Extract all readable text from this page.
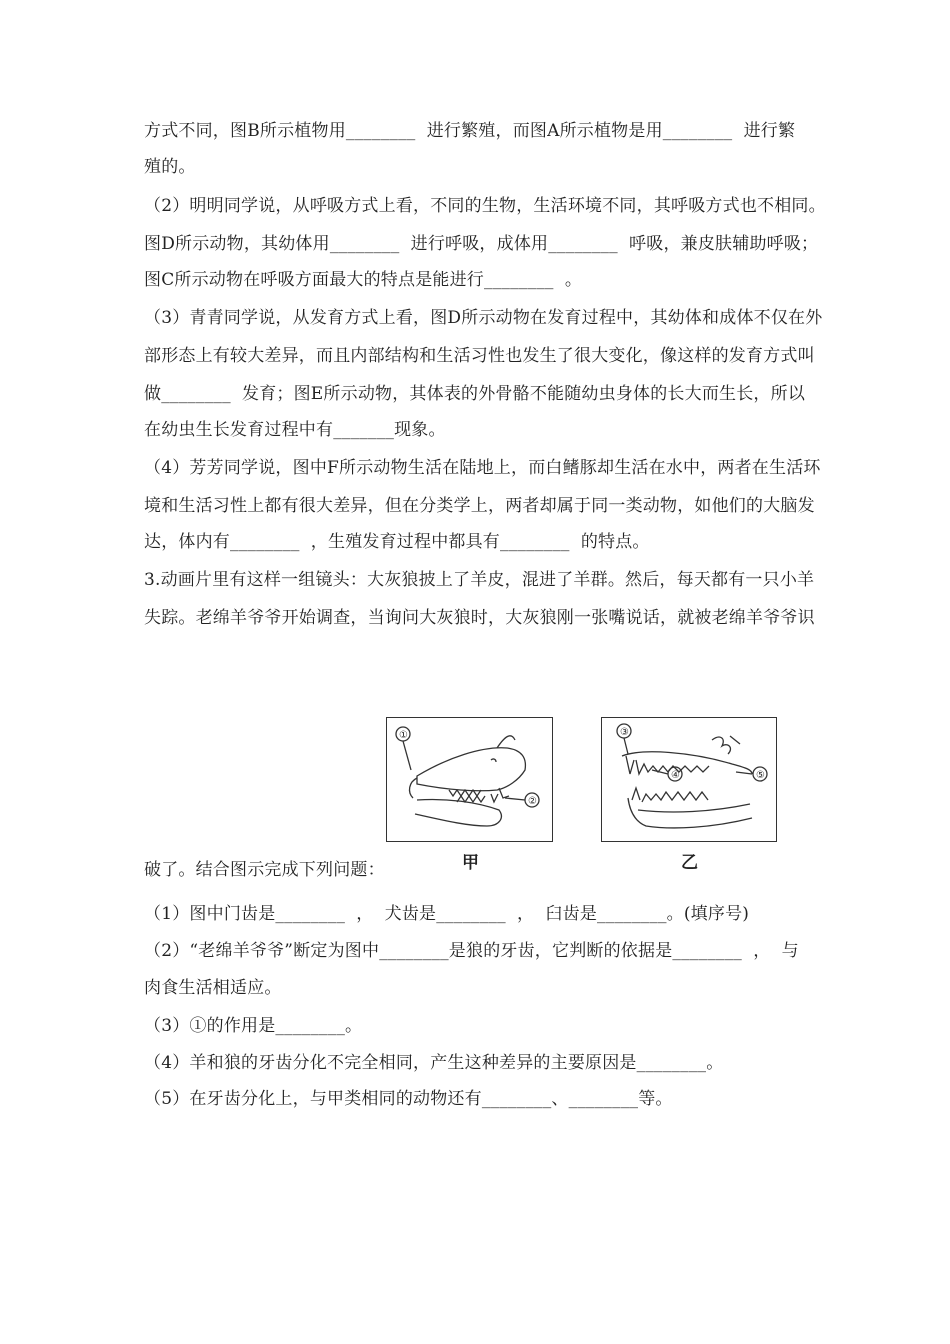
方式不同，图B所示植物用________  进行繁殖，而图A所示植物是用________  进行繁
殖的。
（2）明明同学说，从呼吸方式上看，不同的生物，生活环境不同，其呼吸方式也不相同。
图D所示动物，其幼体用________  进行呼吸，成体用________  呼吸，兼皮肤辅助呼吸；
图C所示动物在呼吸方面最大的特点是能进行________  。
（3）青青同学说，从发育方式上看，图D所示动物在发育过程中，其幼体和成体不仅在外
部形态上有较大差异，而且内部结构和生活习性也发生了很大变化，像这样的发育方式叫
做________  发育；图E所示动物，其体表的外骨骼不能随幼虫身体的长大而生长，所以
在幼虫生长发育过程中有_______现象。
（4）芳芳同学说，图中F所示动物生活在陆地上，而白鳍豚却生活在水中，两者在生活环
境和生活习性上都有很大差异，但在分类学上，两者却属于同一类动物，如他们的大脑发
达，体内有________  ，生殖发育过程中都具有________  的特点。
3.动画片里有这样一组镜头：大灰狼披上了羊皮，混进了羊群。然后，每天都有一只小羊
失踪。老绵羊爷爷开始调查，当询问大灰狼时，大灰狼刚一张嘴说话，就被老绵羊爷爷识
①
②
甲
③
④	⑤
乙
破了。结合图示完成下列问题：
（1）图中门齿是________  ，  犬齿是________  ，  臼齿是________。(填序号)
（2）“老绵羊爷爷”断定为图中________是狼的牙齿，它判断的依据是________  ，  与
肉食生活相适应。
（3）①的作用是________。
（4）羊和狼的牙齿分化不完全相同，产生这种差异的主要原因是________。
（5）在牙齿分化上，与甲类相同的动物还有________、________等。
